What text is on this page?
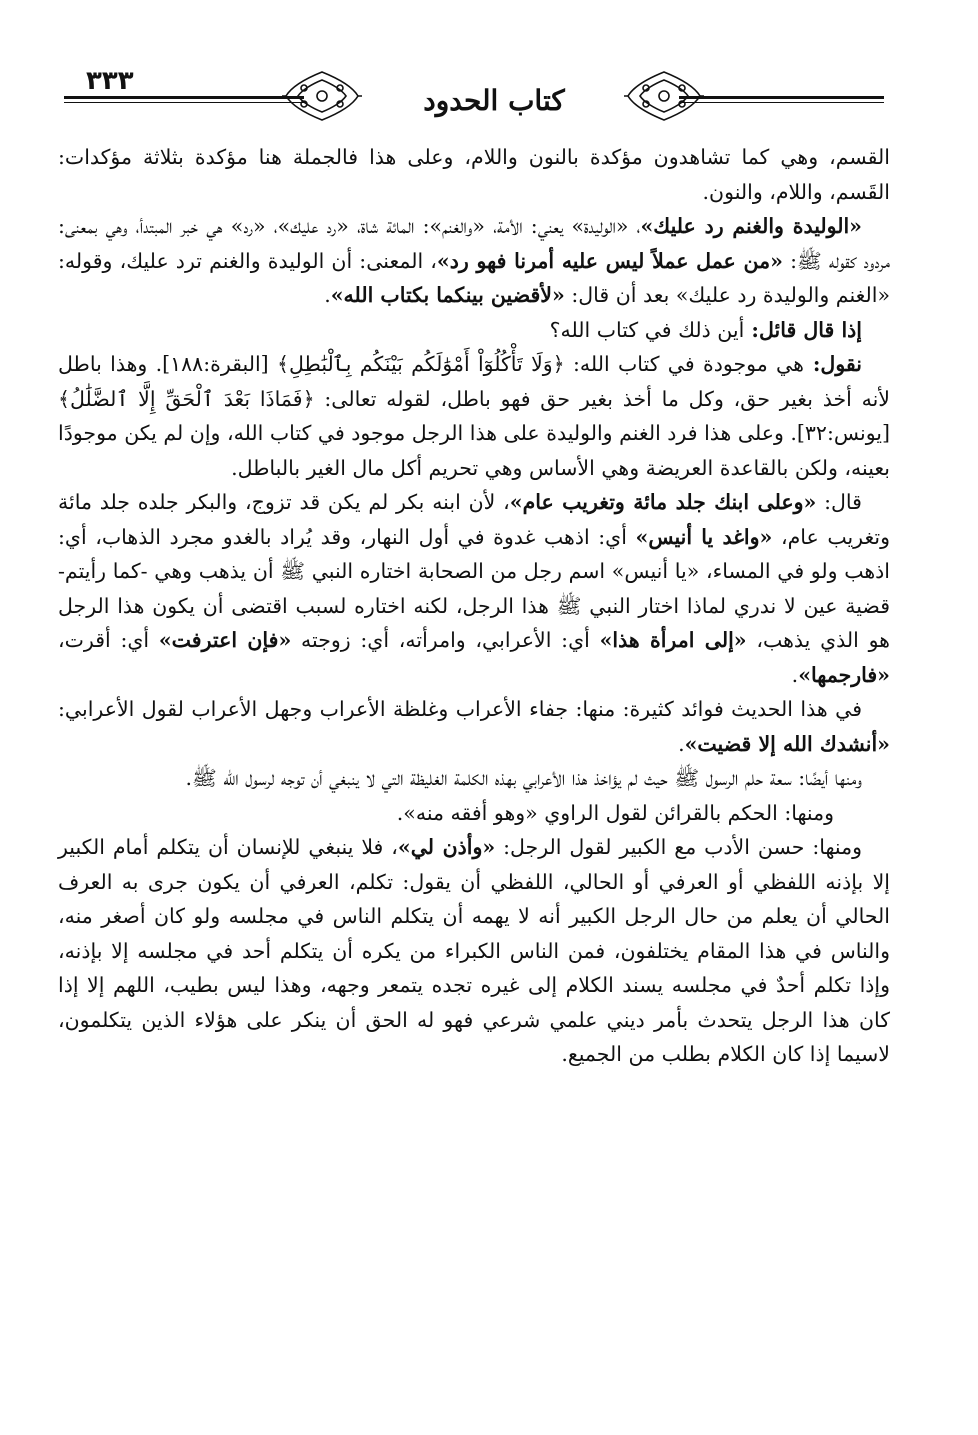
٣٣٣
كتاب الحدود

القسم، وهي كما تشاهدون مؤكدة بالنون واللام، وعلى هذا فالجملة هنا مؤكدة بثلاثة مؤكدات: القَسم، واللام، والنون.

«الوليدة والغنم رد عليك»، «الوليدة» يعني: الأمة، «والغنم»: المائة شاة، «رد عليك»، «رد» هي خبر المبتدأ، وهي بمعنى: مردود كقوله ﷺ: «من عمل عملاً ليس عليه أمرنا فهو رد»، المعنى: أن الوليدة والغنم ترد عليك، وقوله: «الغنم والوليدة رد عليك» بعد أن قال: «لأقضين بينكما بكتاب الله».

إذا قال قائل: أين ذلك في كتاب الله؟

نقول: هي موجودة في كتاب الله: ﴿وَلَا تَأْكُلُوٓاْ أَمْوَٰلَكُم بَيْنَكُم بِٱلْبَٰطِلِ﴾ [البقرة:١٨٨]. وهذا باطل لأنه أخذ بغير حق، وكل ما أخذ بغير حق فهو باطل، لقوله تعالى: ﴿فَمَاذَا بَعْدَ ٱلْحَقِّ إِلَّا ٱلضَّلَٰلُ﴾ [يونس:٣٢]. وعلى هذا فرد الغنم والوليدة على هذا الرجل موجود في كتاب الله، وإن لم يكن موجودًا بعينه، ولكن بالقاعدة العريضة وهي الأساس وهي تحريم أكل مال الغير بالباطل.

قال: «وعلى ابنك جلد مائة وتغريب عام»، لأن ابنه بكر لم يكن قد تزوج، والبكر جلده جلد مائة وتغريب عام، «واغد يا أنيس» أي: اذهب غدوة في أول النهار، وقد يُراد بالغدو مجرد الذهاب، أي: اذهب ولو في المساء، «يا أنيس» اسم رجل من الصحابة اختاره النبي ﷺ أن يذهب وهي -كما رأيتم- قضية عين لا ندري لماذا اختار النبي ﷺ هذا الرجل، لكنه اختاره لسبب اقتضى أن يكون هذا الرجل هو الذي يذهب، «إلى امرأة هذا» أي: الأعرابي، وامرأته، أي: زوجته «فإن اعترفت» أي: أقرت، «فارجمها».

في هذا الحديث فوائد كثيرة: منها: جفاء الأعراب وغلظة الأعراب وجهل الأعراب لقول الأعرابي: «أنشدك الله إلا قضيت».

ومنها أيضًا: سعة حلم الرسول ﷺ حيث لم يؤاخذ هذا الأعرابي بهذه الكلمة الغليظة التي لا ينبغي أن توجه لرسول الله ﷺ.

ومنها: الحكم بالقرائن لقول الراوي «وهو أفقه منه».

ومنها: حسن الأدب مع الكبير لقول الرجل: «وأذن لي»، فلا ينبغي للإنسان أن يتكلم أمام الكبير إلا بإذنه اللفظي أو العرفي أو الحالي، اللفظي أن يقول: تكلم، العرفي أن يكون جرى به العرف الحالي أن يعلم من حال الرجل الكبير أنه لا يهمه أن يتكلم الناس في مجلسه ولو كان أصغر منه، والناس في هذا المقام يختلفون، فمن الناس الكبراء من يكره أن يتكلم أحد في مجلسه إلا بإذنه، وإذا تكلم أحدٌ في مجلسه يسند الكلام إلى غيره تجده يتمعر وجهه، وهذا ليس بطيب، اللهم إلا إذا كان هذا الرجل يتحدث بأمر ديني علمي شرعي فهو له الحق أن ينكر على هؤلاء الذين يتكلمون، لاسيما إذا كان الكلام بطلب من الجميع.
